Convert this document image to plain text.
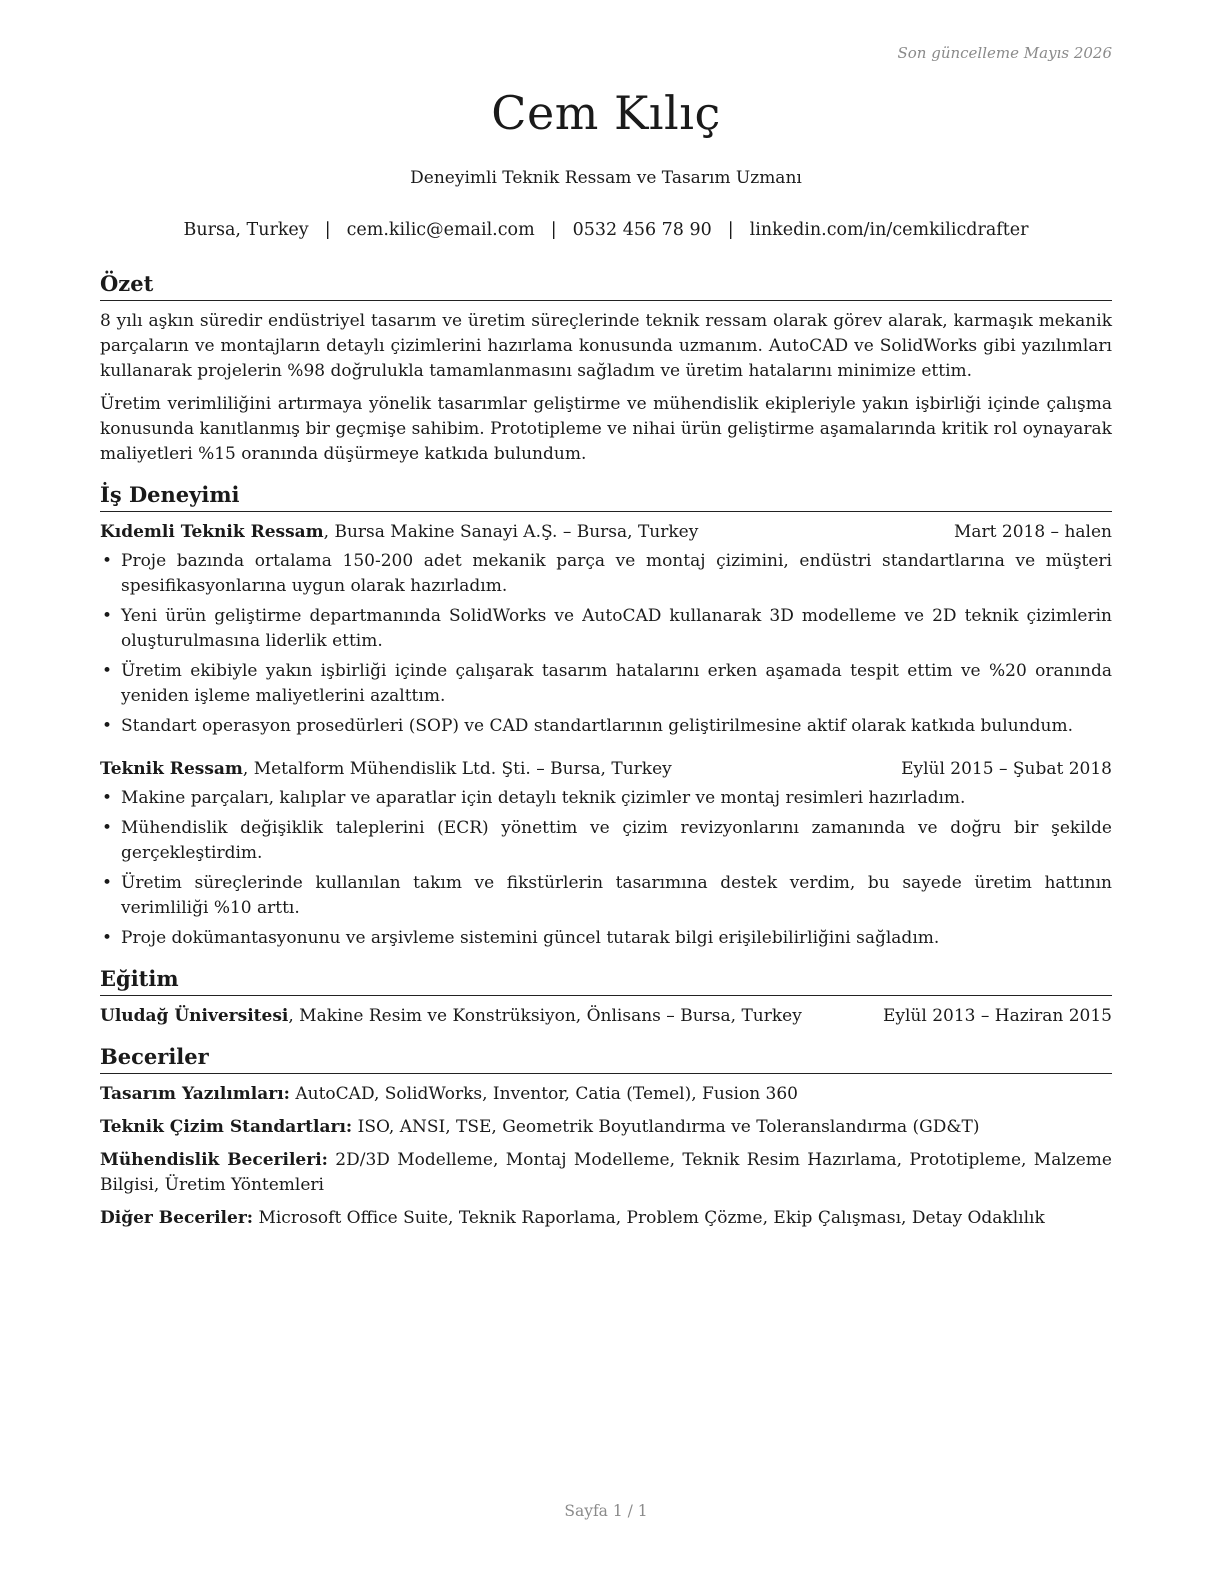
Son güncelleme Mayıs 2026
Cem Kılıç
Deneyimli Teknik Ressam ve Tasarım Uzmanı
Bursa, Turkey | cem.kilic@email.com | 0532 456 78 90 | linkedin.com/in/cemkilicdrafter
Özet

8 yılı aşkın süredir endüstriyel tasarım ve üretim süreçlerinde teknik ressam olarak görev alarak, karmaşık mekanik parçaların ve montajların detaylı çizimlerini hazırlama konusunda uzmanım. AutoCAD ve SolidWorks gibi yazılımları kullanarak projelerin %98 doğrulukla tamamlanmasını sağladım ve üretim hatalarını minimize ettim.

Üretim verimliliğini artırmaya yönelik tasarımlar geliştirme ve mühendislik ekipleriyle yakın işbirliği içinde çalışma konusunda kanıtlanmış bir geçmişe sahibim. Prototipleme ve nihai ürün geliştirme aşamalarında kritik rol oynayarak maliyetleri %15 oranında düşürmeye katkıda bulundum.

İş Deneyimi
Kıdemli Teknik Ressam, Bursa Makine Sanayi A.Ş. – Bursa, Turkey	Mart 2018 – halen
• Proje bazında ortalama 150-200 adet mekanik parça ve montaj çizimini, endüstri standartlarına ve müşteri spesifikasyonlarına uygun olarak hazırladım.
• Yeni ürün geliştirme departmanında SolidWorks ve AutoCAD kullanarak 3D modelleme ve 2D teknik çizimlerin oluşturulmasına liderlik ettim.
• Üretim ekibiyle yakın işbirliği içinde çalışarak tasarım hatalarını erken aşamada tespit ettim ve %20 oranında yeniden işleme maliyetlerini azalttım.
• Standart operasyon prosedürleri (SOP) ve CAD standartlarının geliştirilmesine aktif olarak katkıda bulundum.
Teknik Ressam, Metalform Mühendislik Ltd. Şti. – Bursa, Turkey	Eylül 2015 – Şubat 2018
• Makine parçaları, kalıplar ve aparatlar için detaylı teknik çizimler ve montaj resimleri hazırladım.
• Mühendislik değişiklik taleplerini (ECR) yönettim ve çizim revizyonlarını zamanında ve doğru bir şekilde gerçekleştirdim.
• Üretim süreçlerinde kullanılan takım ve fikstürlerin tasarımına destek verdim, bu sayede üretim hattının verimliliği %10 arttı.
• Proje dokümantasyonunu ve arşivleme sistemini güncel tutarak bilgi erişilebilirliğini sağladım.
Eğitim
Uludağ Üniversitesi, Makine Resim ve Konstrüksiyon, Önlisans – Bursa, Turkey	Eylül 2013 – Haziran 2015
Beceriler
Tasarım Yazılımları: AutoCAD, SolidWorks, Inventor, Catia (Temel), Fusion 360
Teknik Çizim Standartları: ISO, ANSI, TSE, Geometrik Boyutlandırma ve Toleranslandırma (GD&T)
Mühendislik Becerileri: 2D/3D Modelleme, Montaj Modelleme, Teknik Resim Hazırlama, Prototipleme, Malzeme Bilgisi, Üretim Yöntemleri
Diğer Beceriler: Microsoft Office Suite, Teknik Raporlama, Problem Çözme, Ekip Çalışması, Detay Odaklılık
Sayfa 1 / 1
